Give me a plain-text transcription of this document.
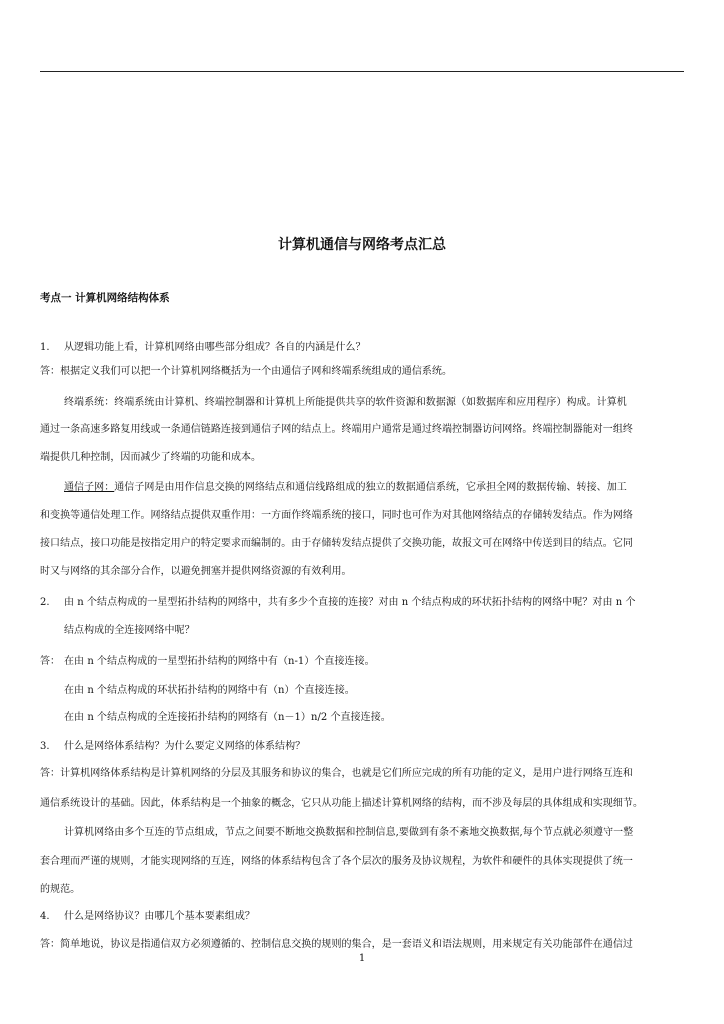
计算机通信与网络考点汇总
考点一 计算机网络结构体系
1. 从逻辑功能上看，计算机网络由哪些部分组成？各自的内涵是什么？
答：根据定义我们可以把一个计算机网络概括为一个由通信子网和终端系统组成的通信系统。
终端系统：终端系统由计算机、终端控制器和计算机上所能提供共享的软件资源和数据源（如数据库和应用程序）构成。计算机
通过一条高速多路复用线或一条通信链路连接到通信子网的结点上。终端用户通常是通过终端控制器访问网络。终端控制器能对一组终
端提供几种控制，因而减少了终端的功能和成本。
通信子网：通信子网是由用作信息交换的网络结点和通信线路组成的独立的数据通信系统，它承担全网的数据传输、转接、加工
和变换等通信处理工作。网络结点提供双重作用：一方面作终端系统的接口，同时也可作为对其他网络结点的存储转发结点。作为网络
接口结点，接口功能是按指定用户的特定要求而编制的。由于存储转发结点提供了交换功能，故报文可在网络中传送到目的结点。它同
时又与网络的其余部分合作，以避免拥塞并提供网络资源的有效利用。
2. 由 n 个结点构成的一星型拓扑结构的网络中，共有多少个直接的连接？对由 n 个结点构成的环状拓扑结构的网络中呢？对由 n 个
结点构成的全连接网络中呢？
答： 在由 n 个结点构成的一星型拓扑结构的网络中有（n-1）个直接连接。
在由 n 个结点构成的环状拓扑结构的网络中有（n）个直接连接。
在由 n 个结点构成的全连接拓扑结构的网络有（n－1）n/2 个直接连接。
3. 什么是网络体系结构？为什么要定义网络的体系结构？
答：计算机网络体系结构是计算机网络的分层及其服务和协议的集合，也就是它们所应完成的所有功能的定义，是用户进行网络互连和
通信系统设计的基础。因此，体系结构是一个抽象的概念，它只从功能上描述计算机网络的结构，而不涉及每层的具体组成和实现细节。
计算机网络由多个互连的节点组成，节点之间要不断地交换数据和控制信息,要做到有条不紊地交换数据,每个节点就必须遵守一整
套合理而严谨的规则，才能实现网络的互连，网络的体系结构包含了各个层次的服务及协议规程，为软件和硬件的具体实现提供了统一
的规范。
4. 什么是网络协议？由哪几个基本要素组成？
答：简单地说，协议是指通信双方必须遵循的、控制信息交换的规则的集合，是一套语义和语法规则，用来规定有关功能部件在通信过
1
